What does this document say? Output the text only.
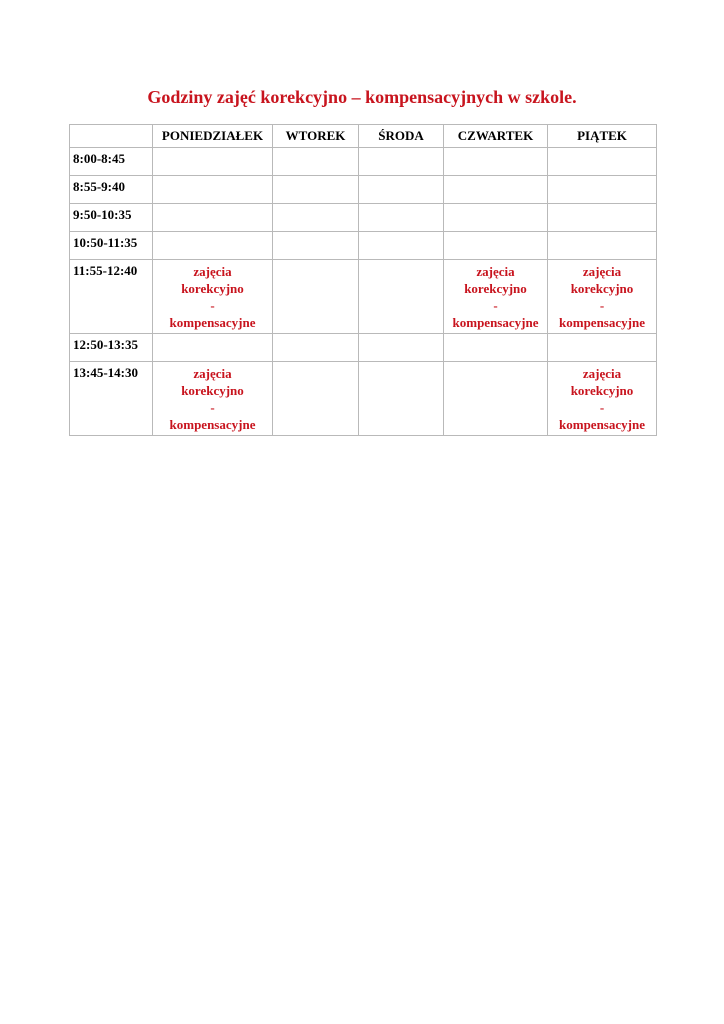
Godziny zajęć korekcyjno – kompensacyjnych w szkole.
	PONIEDZIAŁEK	WTOREK	ŚRODA	CZWARTEK	PIĄTEK
8:00-8:45					
8:55-9:40					
9:50-10:35					
10:50-11:35					
11:55-12:40	zajęcia
korekcyjno
-
kompensacyjne			zajęcia
korekcyjno
-
kompensacyjne	zajęcia
korekcyjno
-
kompensacyjne

12:50-13:35					
13:45-14:30	zajęcia
korekcyjno
-
kompensacyjne				zajęcia
korekcyjno
-
kompensacyjne
